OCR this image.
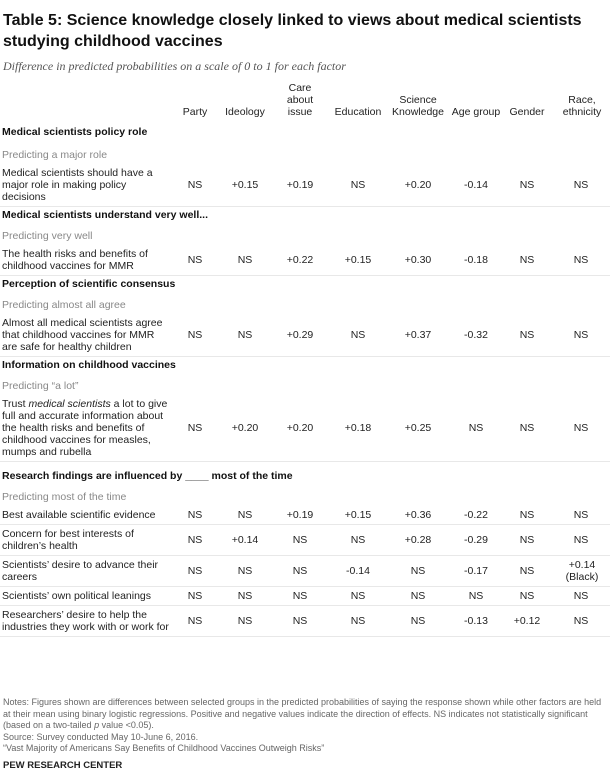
Table 5: Science knowledge closely linked to views about medical scientists studying childhood vaccines

Difference in predicted probabilities on a scale of 0 to 1 for each factor

	Party	Ideology	Care about issue	Education	Science Knowledge	Age group	Gender	Race, ethnicity
Medical scientists policy role								
Predicting a major role								
Medical scientists should have a major role in making policy decisions	NS	+0.15	+0.19	NS	+0.20	-0.14	NS	NS
Medical scientists understand very well...								
Predicting very well								
The health risks and benefits of childhood vaccines for MMR	NS	NS	+0.22	+0.15	+0.30	-0.18	NS	NS
Perception of scientific consensus								
Predicting almost all agree								
Almost all medical scientists agree that childhood vaccines for MMR are safe for healthy children	NS	NS	+0.29	NS	+0.37	-0.32	NS	NS
Information on childhood vaccines								
Predicting “a lot”								
Trust medical scientists a lot to give full and accurate information about the health risks and benefits of childhood vaccines for measles, mumps and rubella	NS	+0.20	+0.20	+0.18	+0.25	NS	NS	NS
Research findings are influenced by ____ most of the time								
Predicting most of the time								
Best available scientific evidence	NS	NS	+0.19	+0.15	+0.36	-0.22	NS	NS
Concern for best interests of children’s health	NS	+0.14	NS	NS	+0.28	-0.29	NS	NS
Scientists’ desire to advance their careers	NS	NS	NS	-0.14	NS	-0.17	NS	+0.14 (Black)
Scientists’ own political leanings	NS	NS	NS	NS	NS	NS	NS	NS
Researchers’ desire to help the industries they work with or work for	NS	NS	NS	NS	NS	-0.13	+0.12	NS

Notes: Figures shown are differences between selected groups in the predicted probabilities of saying the response shown while other factors are held at their mean using binary logistic regressions. Positive and negative values indicate the direction of effects. NS indicates not statistically significant (based on a two-tailed p value <0.05).

Source: Survey conducted May 10-June 6, 2016.

“Vast Majority of Americans Say Benefits of Childhood Vaccines Outweigh Risks”

PEW RESEARCH CENTER
